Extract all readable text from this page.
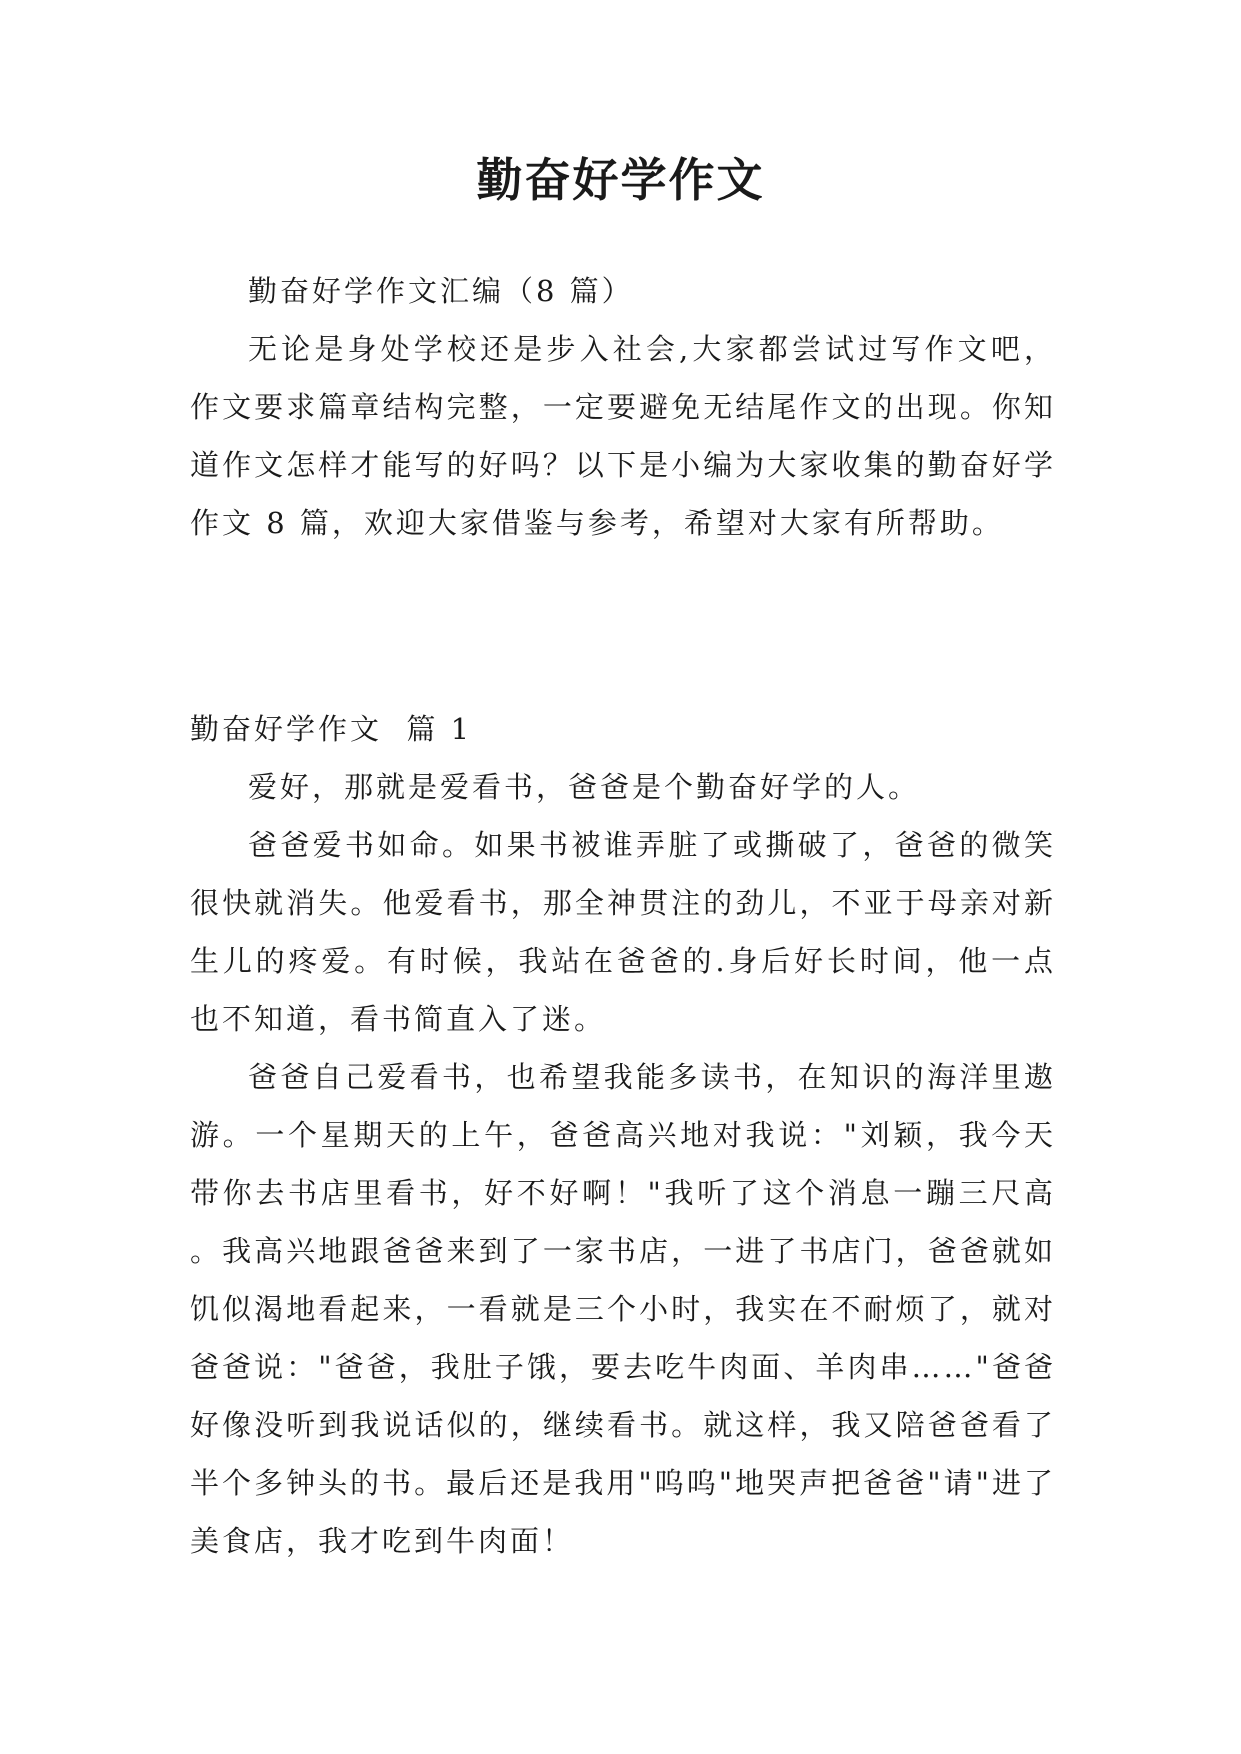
勤奋好学作文

勤奋好学作文汇编（8 篇）

无论是身处学校还是步入社会,大家都尝试过写作文吧，作文要求篇章结构完整，一定要避免无结尾作文的出现。你知道作文怎样才能写的好吗？以下是小编为大家收集的勤奋好学作文 8 篇，欢迎大家借鉴与参考，希望对大家有所帮助。

勤奋好学作文  篇 1

爱好，那就是爱看书，爸爸是个勤奋好学的人。

爸爸爱书如命。如果书被谁弄脏了或撕破了，爸爸的微笑很快就消失。他爱看书，那全神贯注的劲儿，不亚于母亲对新生儿的疼爱。有时候，我站在爸爸的.身后好长时间，他一点也不知道，看书简直入了迷。

爸爸自己爱看书，也希望我能多读书，在知识的海洋里遨游。一个星期天的上午，爸爸高兴地对我说："刘颖，我今天带你去书店里看书，好不好啊！"我听了这个消息一蹦三尺高。我高兴地跟爸爸来到了一家书店，一进了书店门，爸爸就如饥似渴地看起来，一看就是三个小时，我实在不耐烦了，就对爸爸说："爸爸，我肚子饿，要去吃牛肉面、羊肉串……"爸爸好像没听到我说话似的，继续看书。就这样，我又陪爸爸看了半个多钟头的书。最后还是我用"呜呜"地哭声把爸爸"请"进了美食店，我才吃到牛肉面！
